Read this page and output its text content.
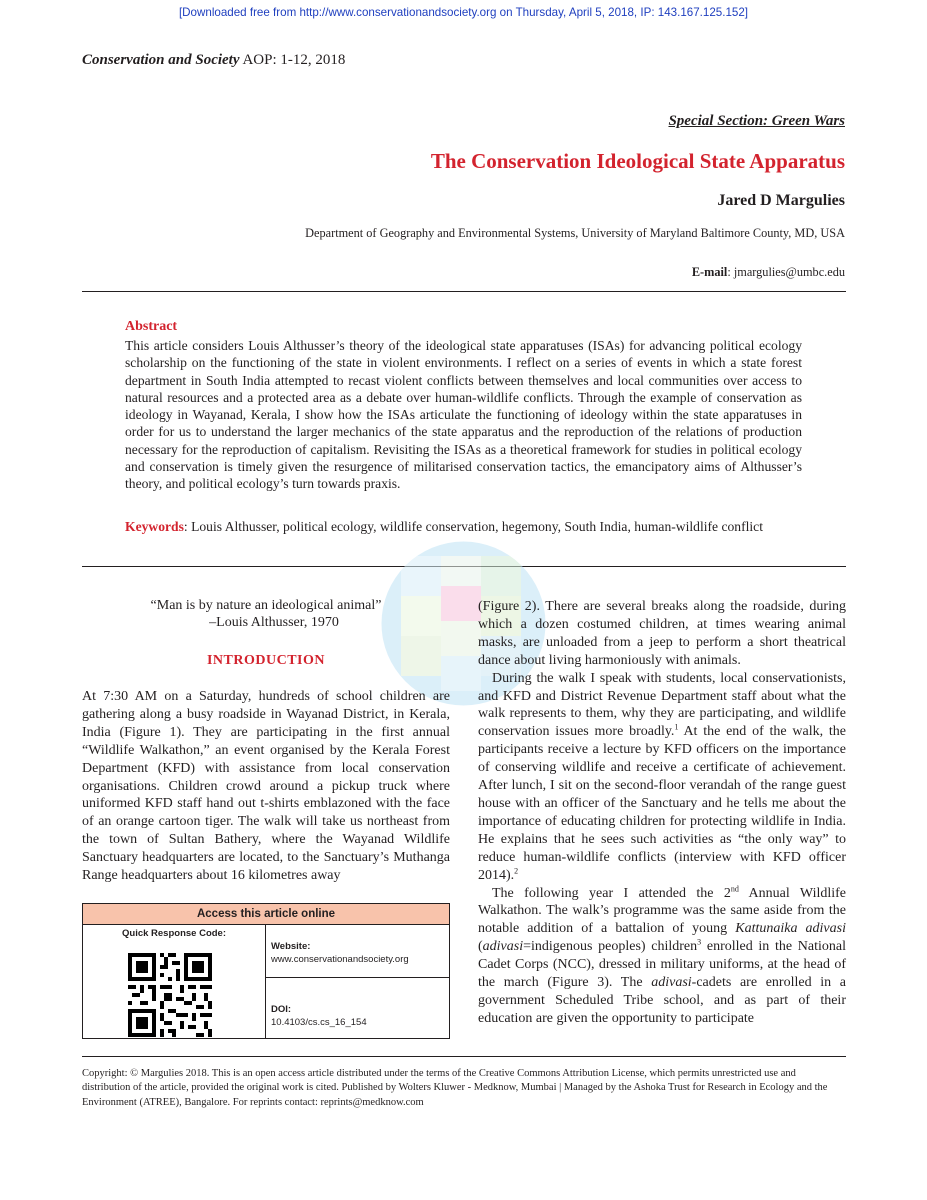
[Downloaded free from http://www.conservationandsociety.org on Thursday, April 5, 2018, IP: 143.167.125.152]
Conservation and Society AOP: 1-12, 2018
Special Section: Green Wars
The Conservation Ideological State Apparatus
Jared D Margulies
Department of Geography and Environmental Systems, University of Maryland Baltimore County, MD, USA
E-mail: jmargulies@umbc.edu
Abstract

This article considers Louis Althusser’s theory of the ideological state apparatuses (ISAs) for advancing political ecology scholarship on the functioning of the state in violent environments. I reflect on a series of events in which a state forest department in South India attempted to recast violent conflicts between themselves and local communities over access to natural resources and a protected area as a debate over human-wildlife conflicts. Through the example of conservation as ideology in Wayanad, Kerala, I show how the ISAs articulate the functioning of ideology within the state apparatuses in order for us to understand the larger mechanics of the state apparatus and the reproduction of the relations of production necessary for the reproduction of capitalism. Revisiting the ISAs as a theoretical framework for studies in political ecology and conservation is timely given the resurgence of militarised conservation tactics, the emancipatory aims of Althusser’s theory, and political ecology’s turn towards praxis.

Keywords: Louis Althusser, political ecology, wildlife conservation, hegemony, South India, human-wildlife conflict

“Man is by nature an ideological animal”
–Louis Althusser, 1970
INTRODUCTION

At 7:30 AM on a Saturday, hundreds of school children are gathering along a busy roadside in Wayanad District, in Kerala, India (Figure 1). They are participating in the first annual “Wildlife Walkathon,” an event organised by the Kerala Forest Department (KFD) with assistance from local conservation organisations. Children crowd around a pickup truck where uniformed KFD staff hand out t-shirts emblazoned with the face of an orange cartoon tiger. The walk will take us northeast from the town of Sultan Bathery, where the Wayanad Wildlife Sanctuary headquarters are located, to the Sanctuary’s Muthanga Range headquarters about 16 kilometres away

(Figure 2). There are several breaks along the roadside, during which a dozen costumed children, at times wearing animal masks, are unloaded from a jeep to perform a short theatrical dance about living harmoniously with animals.

During the walk I speak with students, local conservationists, and KFD and District Revenue Department staff about what the walk represents to them, why they are participating, and wildlife conservation issues more broadly.$^1$ At the end of the walk, the participants receive a lecture by KFD officers on the importance of conserving wildlife and receive a certificate of achievement. After lunch, I sit on the second-floor verandah of the range guest house with an officer of the Sanctuary and he tells me about the importance of educating children for protecting wildlife in India. He explains that he sees such activities as “the only way” to reduce human-wildlife conflicts (interview with KFD officer 2014).$^2$

The following year I attended the 2nd Annual Wildlife Walkathon. The walk’s programme was the same aside from the notable addition of a battalion of young Kattunaika adivasi (adivasi=indigenous peoples) children$^3$ enrolled in the National Cadet Corps (NCC), dressed in military uniforms, at the head of the march (Figure 3). The adivasi-cadets are enrolled in a government Scheduled Tribe school, and as part of their education are given the opportunity to participate

Access this article online
Quick Response Code:
Website:
www.conservationandsociety.org
DOI:
10.4103/cs.cs_16_154

Copyright: © Margulies 2018. This is an open access article distributed under the terms of the Creative Commons Attribution License, which permits unrestricted use and distribution of the article, provided the original work is cited. Published by Wolters Kluwer - Medknow, Mumbai | Managed by the Ashoka Trust for Research in Ecology and the Environment (ATREE), Bangalore. For reprints contact: reprints@medknow.com
